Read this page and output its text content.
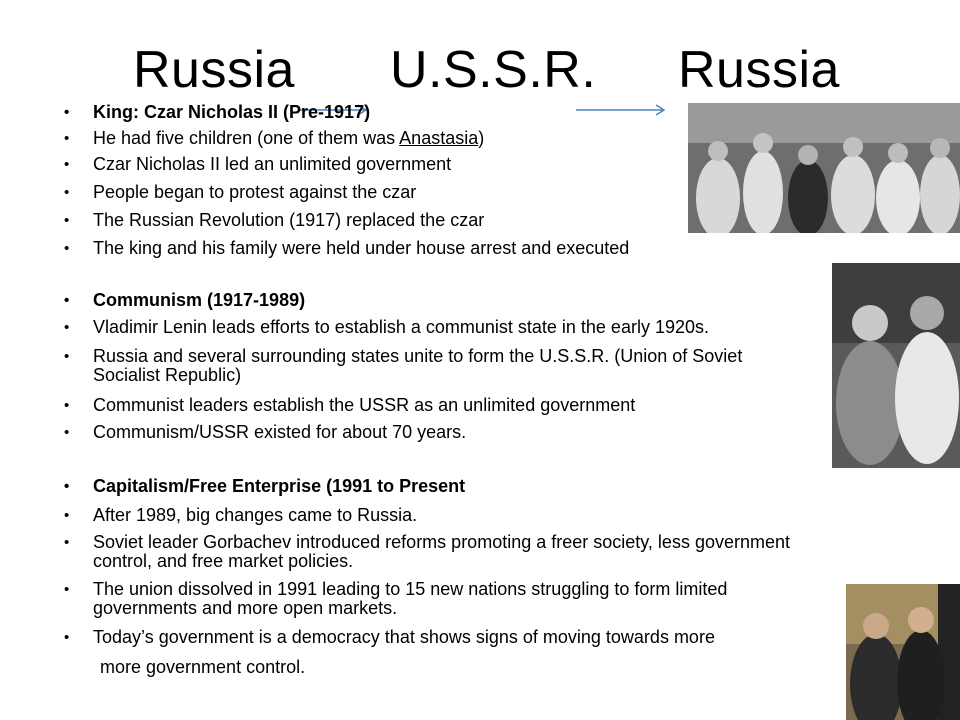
Russia U.S.S.R. Russia
• King: Czar Nicholas II (Pre-1917)
• He had five children (one of them was Anastasia)
• Czar Nicholas II led an unlimited government
• People began to protest against the czar
• The Russian Revolution (1917) replaced the czar
• The king and his family were held under house arrest and executed
• Communism (1917-1989)
• Vladimir Lenin leads efforts to establish a communist state in the early 1920s.
• Russia and several surrounding states unite to form the U.S.S.R. (Union of Soviet
Socialist Republic)
• Communist leaders establish the USSR as an unlimited government
• Communism/USSR existed for about 70 years.
• Capitalism/Free Enterprise (1991 to Present
• After 1989, big changes came to Russia.
• Soviet leader Gorbachev introduced reforms promoting a freer society, less government
control, and free market policies.
• The union dissolved in 1991 leading to 15 new nations struggling to form limited
governments and more open markets.
• Today’s government is a democracy that shows signs of moving towards more
more government control.
